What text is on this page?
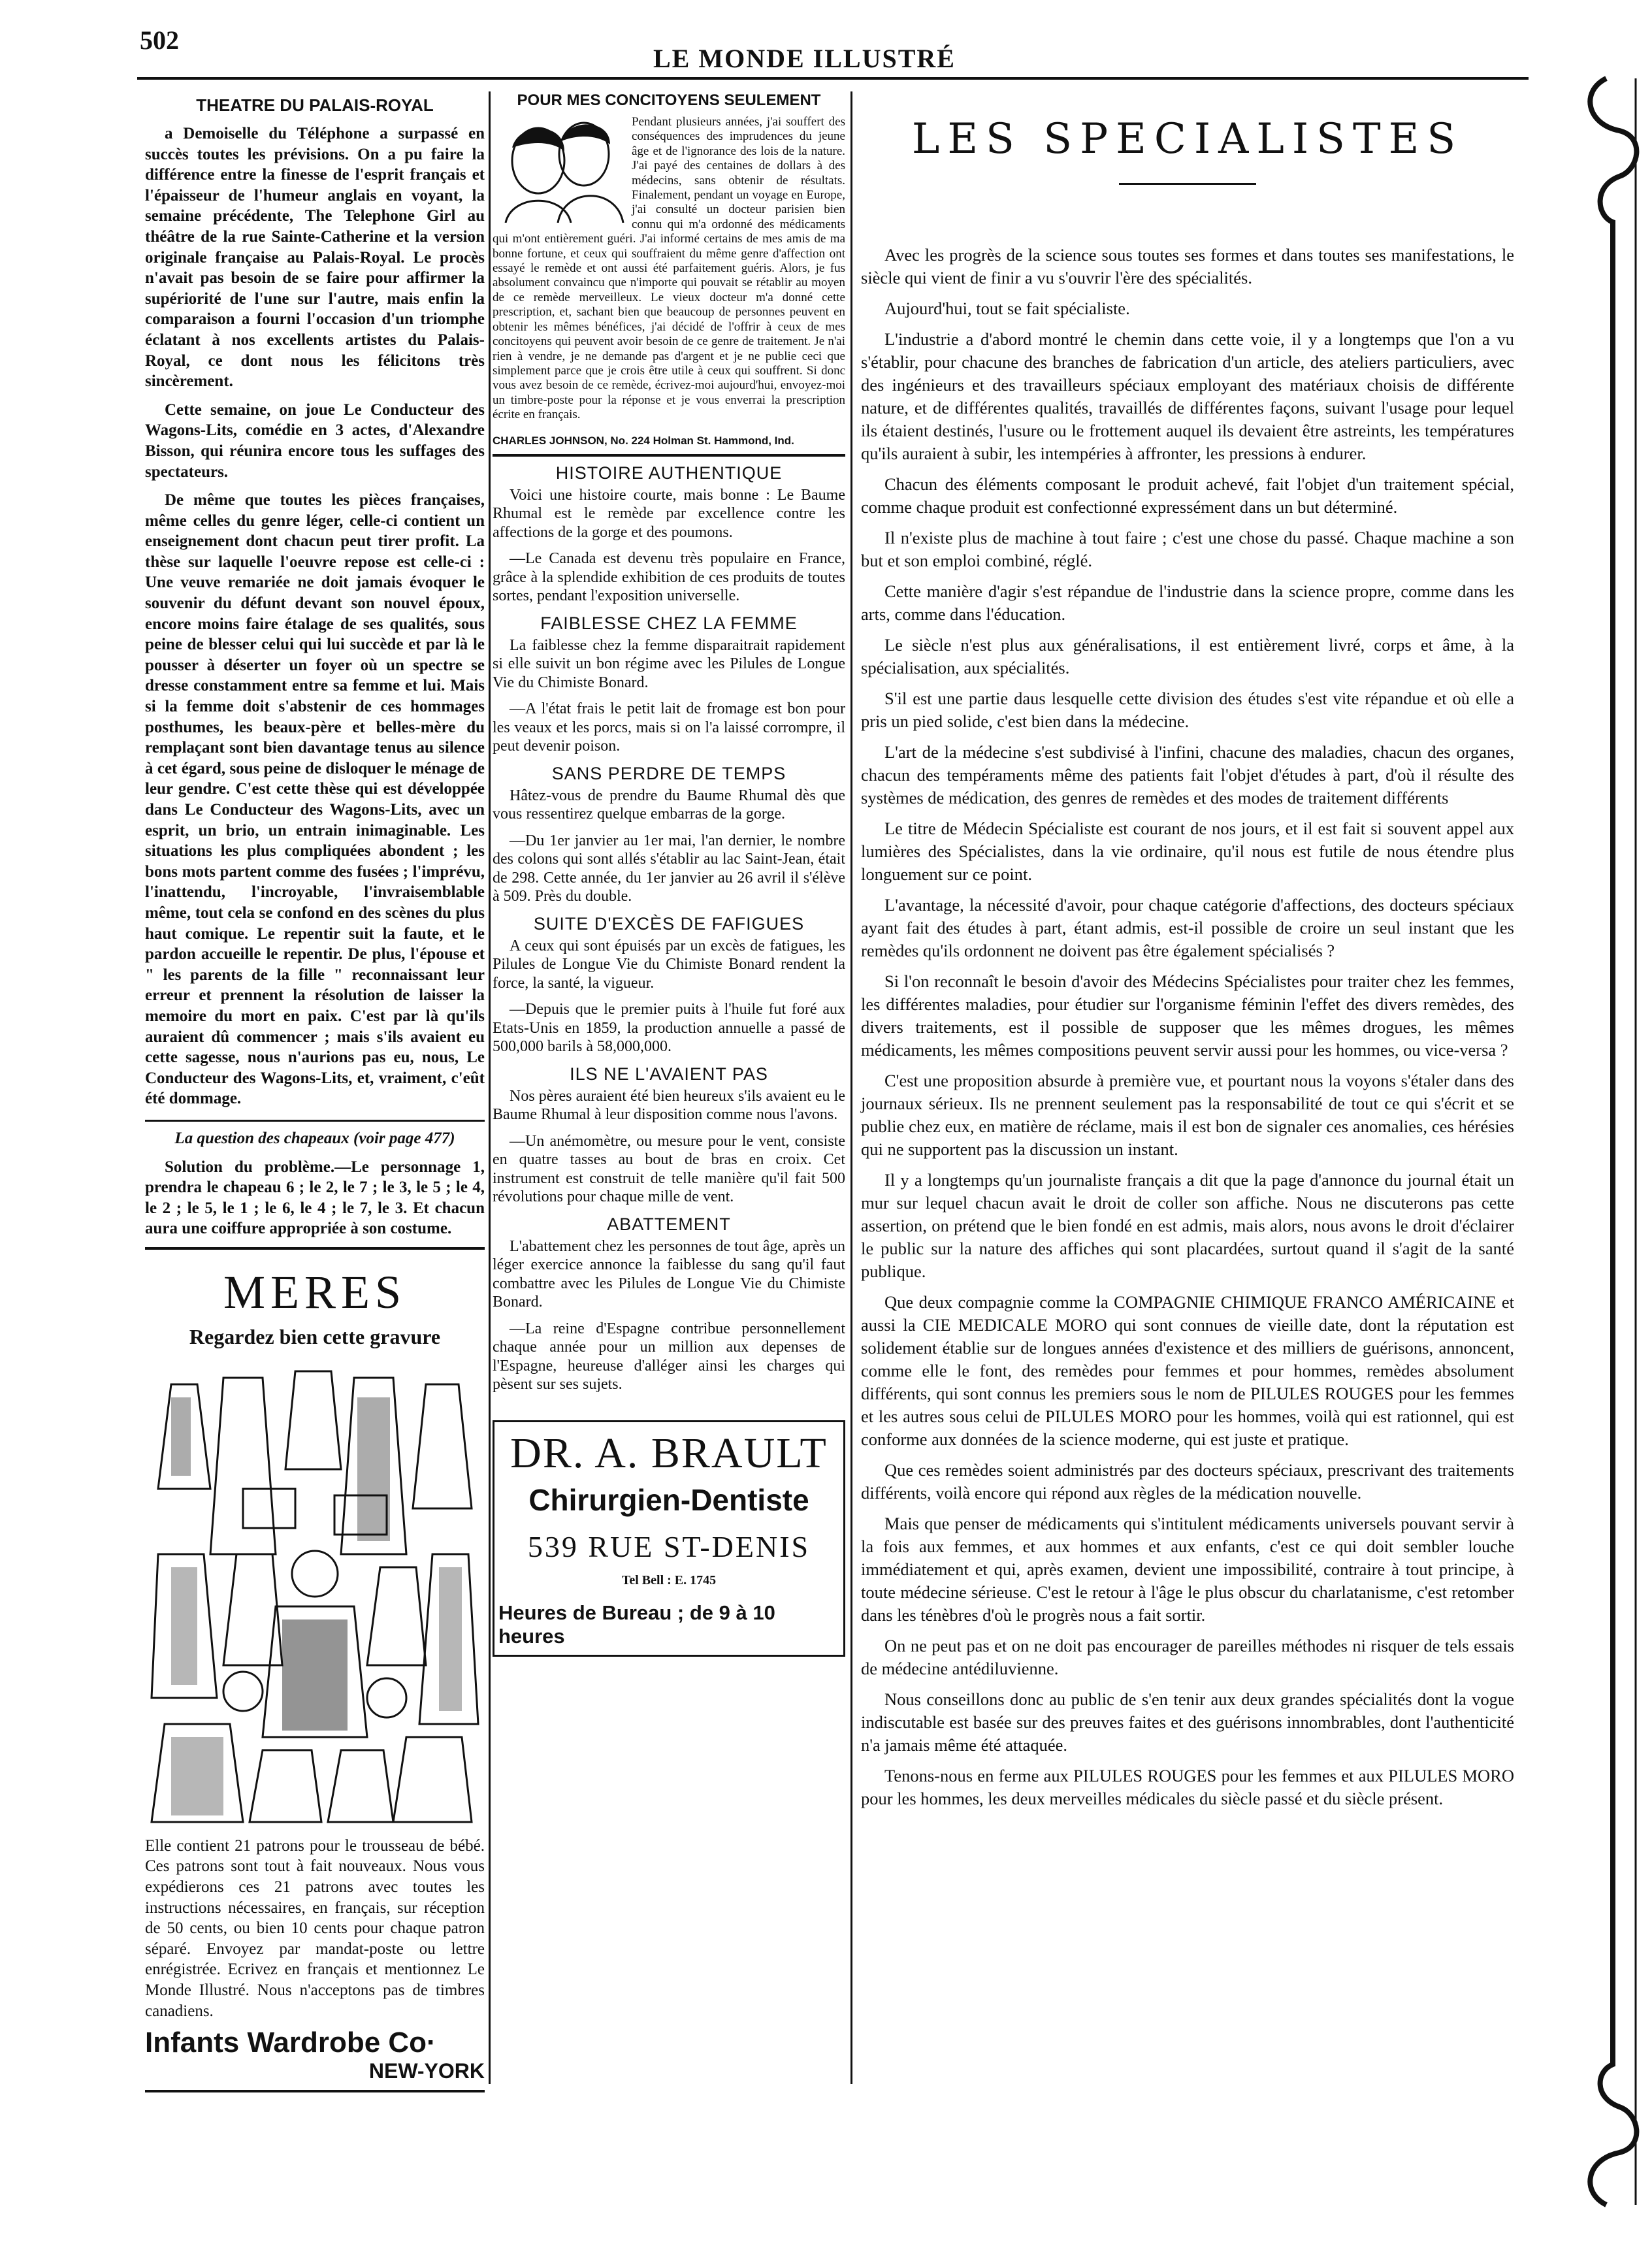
502
LE MONDE ILLUSTRÉ
THEATRE DU PALAIS-ROYAL

a Demoiselle du Téléphone a surpassé en succès toutes les prévisions. On a pu faire la différence entre la finesse de l'esprit français et l'épaisseur de l'humeur anglais en voyant, la semaine précédente, The Telephone Girl au théâtre de la rue Sainte-Catherine et la version originale française au Palais-Royal. Le procès n'avait pas besoin de se faire pour affirmer la supériorité de l'une sur l'autre, mais enfin la comparaison a fourni l'occasion d'un triomphe éclatant à nos excellents artistes du Palais-Royal, ce dont nous les félicitons très sincèrement.

Cette semaine, on joue Le Conducteur des Wagons-Lits, comédie en 3 actes, d'Alexandre Bisson, qui réunira encore tous les suffages des spectateurs.

De même que toutes les pièces françaises, même celles du genre léger, celle-ci contient un enseignement dont chacun peut tirer profit. La thèse sur laquelle l'oeuvre repose est celle-ci : Une veuve remariée ne doit jamais évoquer le souvenir du défunt devant son nouvel époux, encore moins faire étalage de ses qualités, sous peine de blesser celui qui lui succède et par là le pousser à déserter un foyer où un spectre se dresse constamment entre sa femme et lui. Mais si la femme doit s'abstenir de ces hommages posthumes, les beaux-père et belles-mère du remplaçant sont bien davantage tenus au silence à cet égard, sous peine de disloquer le ménage de leur gendre. C'est cette thèse qui est développée dans Le Conducteur des Wagons-Lits, avec un esprit, un brio, un entrain inimaginable. Les situations les plus compliquées abondent ; les bons mots partent comme des fusées ; l'imprévu, l'inattendu, l'incroyable, l'invraisemblable même, tout cela se confond en des scènes du plus haut comique. Le repentir suit la faute, et le pardon accueille le repentir. De plus, l'épouse et " les parents de la fille " reconnaissant leur erreur et prennent la résolution de laisser la memoire du mort en paix. C'est par là qu'ils auraient dû commencer ; mais s'ils avaient eu cette sagesse, nous n'aurions pas eu, nous, Le Conducteur des Wagons-Lits, et, vraiment, c'eût été dommage.

La question des chapeaux (voir page 477)

Solution du problème.—Le personnage 1, prendra le chapeau 6 ; le 2, le 7 ; le 3, le 5 ; le 4, le 2 ; le 5, le 1 ; le 6, le 4 ; le 7, le 3. Et chacun aura une coiffure appropriée à son costume.

MERES
Regardez bien cette gravure

Elle contient 21 patrons pour le trousseau de bébé. Ces patrons sont tout à fait nouveaux. Nous vous expédierons ces 21 patrons avec toutes les instructions nécessaires, en français, sur réception de 50 cents, ou bien 10 cents pour chaque patron séparé. Envoyez par mandat-poste ou lettre enrégistrée. Ecrivez en français et mentionnez Le Monde Illustré. Nous n'acceptons pas de timbres canadiens.

Infants Wardrobe Co·
NEW-YORK
POUR MES CONCITOYENS SEULEMENT

Pendant plusieurs années, j'ai souffert des conséquences des imprudences du jeune âge et de l'ignorance des lois de la nature. J'ai payé des centaines de dollars à des médecins, sans obtenir de résultats. Finalement, pendant un voyage en Europe, j'ai consulté un docteur parisien bien connu qui m'a ordonné des médicaments qui m'ont entièrement guéri. J'ai informé certains de mes amis de ma bonne fortune, et ceux qui souffraient du même genre d'affection ont essayé le remède et ont aussi été parfaitement guéris. Alors, je fus absolument convaincu que n'importe qui pouvait se rétablir au moyen de ce remède merveilleux. Le vieux docteur m'a donné cette prescription, et, sachant bien que beaucoup de personnes peuvent en obtenir les mêmes bénéfices, j'ai décidé de l'offrir à ceux de mes concitoyens qui peuvent avoir besoin de ce genre de traitement. Je n'ai rien à vendre, je ne demande pas d'argent et je ne publie ceci que simplement parce que je crois être utile à ceux qui souffrent. Si donc vous avez besoin de ce remède, écrivez-moi aujourd'hui, envoyez-moi un timbre-poste pour la réponse et je vous enverrai la prescription écrite en français.

CHARLES JOHNSON, No. 224 Holman St. Hammond, Ind.
HISTOIRE AUTHENTIQUE

Voici une histoire courte, mais bonne : Le Baume Rhumal est le remède par excellence contre les affections de la gorge et des poumons.

—Le Canada est devenu très populaire en France, grâce à la splendide exhibition de ces produits de toutes sortes, pendant l'exposition universelle.

FAIBLESSE CHEZ LA FEMME

La faiblesse chez la femme disparaitrait rapidement si elle suivit un bon régime avec les Pilules de Longue Vie du Chimiste Bonard.

—A l'état frais le petit lait de fromage est bon pour les veaux et les porcs, mais si on l'a laissé corrompre, il peut devenir poison.

SANS PERDRE DE TEMPS

Hâtez-vous de prendre du Baume Rhumal dès que vous ressentirez quelque embarras de la gorge.

—Du 1er janvier au 1er mai, l'an dernier, le nombre des colons qui sont allés s'établir au lac Saint-Jean, était de 298. Cette année, du 1er janvier au 26 avril il s'élève à 509. Près du double.

SUITE D'EXCÈS DE FAFIGUES

A ceux qui sont épuisés par un excès de fatigues, les Pilules de Longue Vie du Chimiste Bonard rendent la force, la santé, la vigueur.

—Depuis que le premier puits à l'huile fut foré aux Etats-Unis en 1859, la production annuelle a passé de 500,000 barils à 58,000,000.

ILS NE L'AVAIENT PAS

Nos pères auraient été bien heureux s'ils avaient eu le Baume Rhumal à leur disposition comme nous l'avons.

—Un anémomètre, ou mesure pour le vent, consiste en quatre tasses au bout de bras en croix. Cet instrument est construit de telle manière qu'il fait 500 révolutions pour chaque mille de vent.

ABATTEMENT

L'abattement chez les personnes de tout âge, après un léger exercice annonce la faiblesse du sang qu'il faut combattre avec les Pilules de Longue Vie du Chimiste Bonard.

—La reine d'Espagne contribue personnellement chaque année pour un million aux depenses de l'Espagne, heureuse d'alléger ainsi les charges qui pèsent sur ses sujets.

DR. A. BRAULT
Chirurgien-Dentiste
539 RUE ST-DENIS
Tel Bell : E. 1745
Heures de Bureau ; de 9 à 10 heures
LES SPECIALISTES

Avec les progrès de la science sous toutes ses formes et dans toutes ses manifestations, le siècle qui vient de finir a vu s'ouvrir l'ère des spécialités.

Aujourd'hui, tout se fait spécialiste.

L'industrie a d'abord montré le chemin dans cette voie, il y a longtemps que l'on a vu s'établir, pour chacune des branches de fabrication d'un article, des ateliers particuliers, avec des ingénieurs et des travailleurs spéciaux employant des matériaux choisis de différente nature, et de différentes qualités, travaillés de différentes façons, suivant l'usage pour lequel ils étaient destinés, l'usure ou le frottement auquel ils devaient être astreints, les températures qu'ils auraient à subir, les intempéries à affronter, les pressions à endurer.

Chacun des éléments composant le produit achevé, fait l'objet d'un traitement spécial, comme chaque produit est confectionné expressément dans un but déterminé.

Il n'existe plus de machine à tout faire ; c'est une chose du passé. Chaque machine a son but et son emploi combiné, réglé.

Cette manière d'agir s'est répandue de l'industrie dans la science propre, comme dans les arts, comme dans l'éducation.

Le siècle n'est plus aux généralisations, il est entièrement livré, corps et âme, à la spécialisation, aux spécialités.

S'il est une partie daus lesquelle cette division des études s'est vite répandue et où elle a pris un pied solide, c'est bien dans la médecine.

L'art de la médecine s'est subdivisé à l'infini, chacune des maladies, chacun des organes, chacun des tempéraments même des patients fait l'objet d'études à part, d'où il résulte des systèmes de médication, des genres de remèdes et des modes de traitement différents

Le titre de Médecin Spécialiste est courant de nos jours, et il est fait si souvent appel aux lumières des Spécialistes, dans la vie ordinaire, qu'il nous est futile de nous étendre plus longuement sur ce point.

L'avantage, la nécessité d'avoir, pour chaque catégorie d'affections, des docteurs spéciaux ayant fait des études à part, étant admis, est-il possible de croire un seul instant que les remèdes qu'ils ordonnent ne doivent pas être également spécialisés ?

Si l'on reconnaît le besoin d'avoir des Médecins Spécialistes pour traiter chez les femmes, les différentes maladies, pour étudier sur l'organisme féminin l'effet des divers remèdes, des divers traitements, est il possible de supposer que les mêmes drogues, les mêmes médicaments, les mêmes compositions peuvent servir aussi pour les hommes, ou vice-versa ?

C'est une proposition absurde à première vue, et pourtant nous la voyons s'étaler dans des journaux sérieux. Ils ne prennent seulement pas la responsabilité de tout ce qui s'écrit et se publie chez eux, en matière de réclame, mais il est bon de signaler ces anomalies, ces hérésies qui ne supportent pas la discussion un instant.

Il y a longtemps qu'un journaliste français a dit que la page d'annonce du journal était un mur sur lequel chacun avait le droit de coller son affiche. Nous ne discuterons pas cette assertion, on prétend que le bien fondé en est admis, mais alors, nous avons le droit d'éclairer le public sur la nature des affiches qui sont placardées, surtout quand il s'agit de la santé publique.

Que deux compagnie comme la COMPAGNIE CHIMIQUE FRANCO AMÉRICAINE et aussi la CIE MEDICALE MORO qui sont connues de vieille date, dont la réputation est solidement établie sur de longues années d'existence et des milliers de guérisons, annoncent, comme elle le font, des remèdes pour femmes et pour hommes, remèdes absolument différents, qui sont connus les premiers sous le nom de PILULES ROUGES pour les femmes et les autres sous celui de PILULES MORO pour les hommes, voilà qui est rationnel, qui est conforme aux données de la science moderne, qui est juste et pratique.

Que ces remèdes soient administrés par des docteurs spéciaux, prescrivant des traitements différents, voilà encore qui répond aux règles de la médication nouvelle.

Mais que penser de médicaments qui s'intitulent médicaments universels pouvant servir à la fois aux femmes, et aux hommes et aux enfants, c'est ce qui doit sembler louche immédiatement et qui, après examen, devient une impossibilité, contraire à tout principe, à toute médecine sérieuse. C'est le retour à l'âge le plus obscur du charlatanisme, c'est retomber dans les ténèbres d'où le progrès nous a fait sortir.

On ne peut pas et on ne doit pas encourager de pareilles méthodes ni risquer de tels essais de médecine antédiluvienne.

Nous conseillons donc au public de s'en tenir aux deux grandes spécialités dont la vogue indiscutable est basée sur des preuves faites et des guérisons innombrables, dont l'authenticité n'a jamais même été attaquée.

Tenons-nous en ferme aux PILULES ROUGES pour les femmes et aux PILULES MORO pour les hommes, les deux merveilles médicales du siècle passé et du siècle présent.
